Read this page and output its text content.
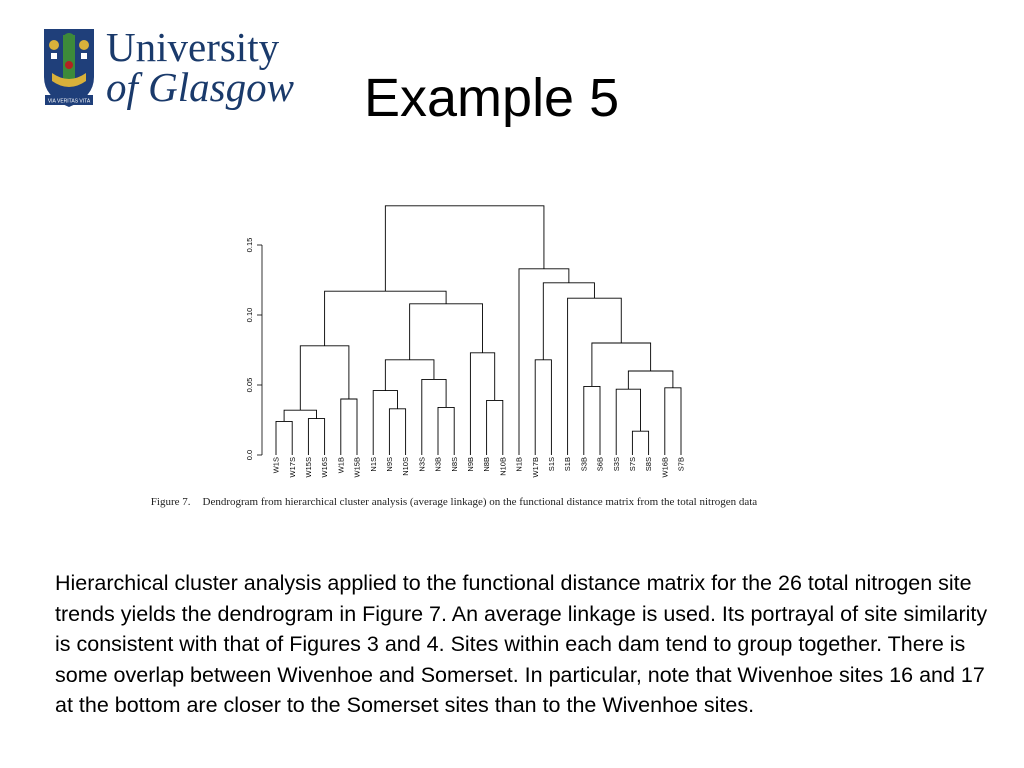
VIA VERITAS VITA
University
of Glasgow Example 5
0.0
0.05
0.10
0.15
W1S W17S W15S W16S W1B W15B N1S N9S N10S N3S N3B N8S N9B N8B N10B N1B W17B S1S S1B S3B S6B S3S S7S S8S W16B S7B
Figure 7. Dendrogram from hierarchical cluster analysis (average linkage) on the functional distance matrix from the total nitrogen data

Hierarchical cluster analysis applied to the functional distance matrix for the 26 total nitrogen site trends yields the dendrogram in Figure 7. An average linkage is used. Its portrayal of site similarity is consistent with that of Figures 3 and 4. Sites within each dam tend to group together. There is some overlap between Wivenhoe and Somerset. In particular, note that Wivenhoe sites 16 and 17 at the bottom are closer to the Somerset sites than to the Wivenhoe sites.
